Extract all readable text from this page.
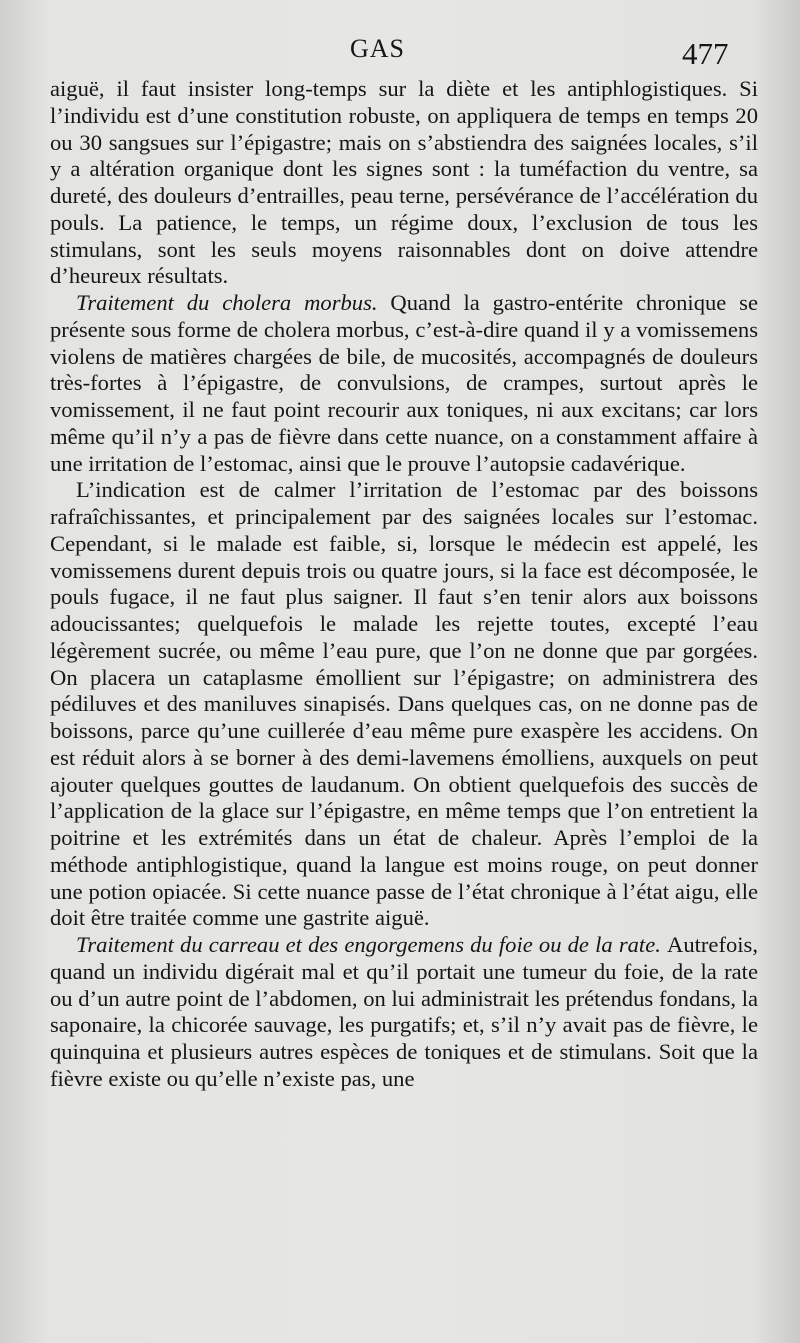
GAS	477

aiguë, il faut insister long-temps sur la diète et les antiphlogistiques. Si l’individu est d’une constitution robuste, on appliquera de temps en temps 20 ou 30 sangsues sur l’épigastre; mais on s’abstiendra des saignées locales, s’il y a altération organique dont les signes sont : la tuméfaction du ventre, sa dureté, des douleurs d’entrailles, peau terne, persévérance de l’accélération du pouls. La patience, le temps, un régime doux, l’exclusion de tous les stimulans, sont les seuls moyens raisonnables dont on doive attendre d’heureux résultats.

Traitement du cholera morbus. Quand la gastro-entérite chronique se présente sous forme de cholera morbus, c’est-à-dire quand il y a vomissemens violens de matières chargées de bile, de mucosités, accompagnés de douleurs très-fortes à l’épigastre, de convulsions, de crampes, surtout après le vomissement, il ne faut point recourir aux toniques, ni aux excitans; car lors même qu’il n’y a pas de fièvre dans cette nuance, on a constamment affaire à une irritation de l’estomac, ainsi que le prouve l’autopsie cadavérique.

L’indication est de calmer l’irritation de l’estomac par des boissons rafraîchissantes, et principalement par des saignées locales sur l’estomac. Cependant, si le malade est faible, si, lorsque le médecin est appelé, les vomissemens durent depuis trois ou quatre jours, si la face est décomposée, le pouls fugace, il ne faut plus saigner. Il faut s’en tenir alors aux boissons adoucissantes; quelquefois le malade les rejette toutes, excepté l’eau légèrement sucrée, ou même l’eau pure, que l’on ne donne que par gorgées. On placera un cataplasme émollient sur l’épigastre; on administrera des pédiluves et des maniluves sinapisés. Dans quelques cas, on ne donne pas de boissons, parce qu’une cuillerée d’eau même pure exaspère les accidens. On est réduit alors à se borner à des demi-lavemens émolliens, auxquels on peut ajouter quelques gouttes de laudanum. On obtient quelquefois des succès de l’application de la glace sur l’épigastre, en même temps que l’on entretient la poitrine et les extrémités dans un état de chaleur. Après l’emploi de la méthode antiphlogistique, quand la langue est moins rouge, on peut donner une potion opiacée. Si cette nuance passe de l’état chronique à l’état aigu, elle doit être traitée comme une gastrite aiguë.

Traitement du carreau et des engorgemens du foie ou de la rate. Autrefois, quand un individu digérait mal et qu’il portait une tumeur du foie, de la rate ou d’un autre point de l’abdomen, on lui administrait les prétendus fondans, la saponaire, la chicorée sauvage, les purgatifs; et, s’il n’y avait pas de fièvre, le quinquina et plusieurs autres espèces de toniques et de stimulans. Soit que la fièvre existe ou qu’elle n’existe pas, une
